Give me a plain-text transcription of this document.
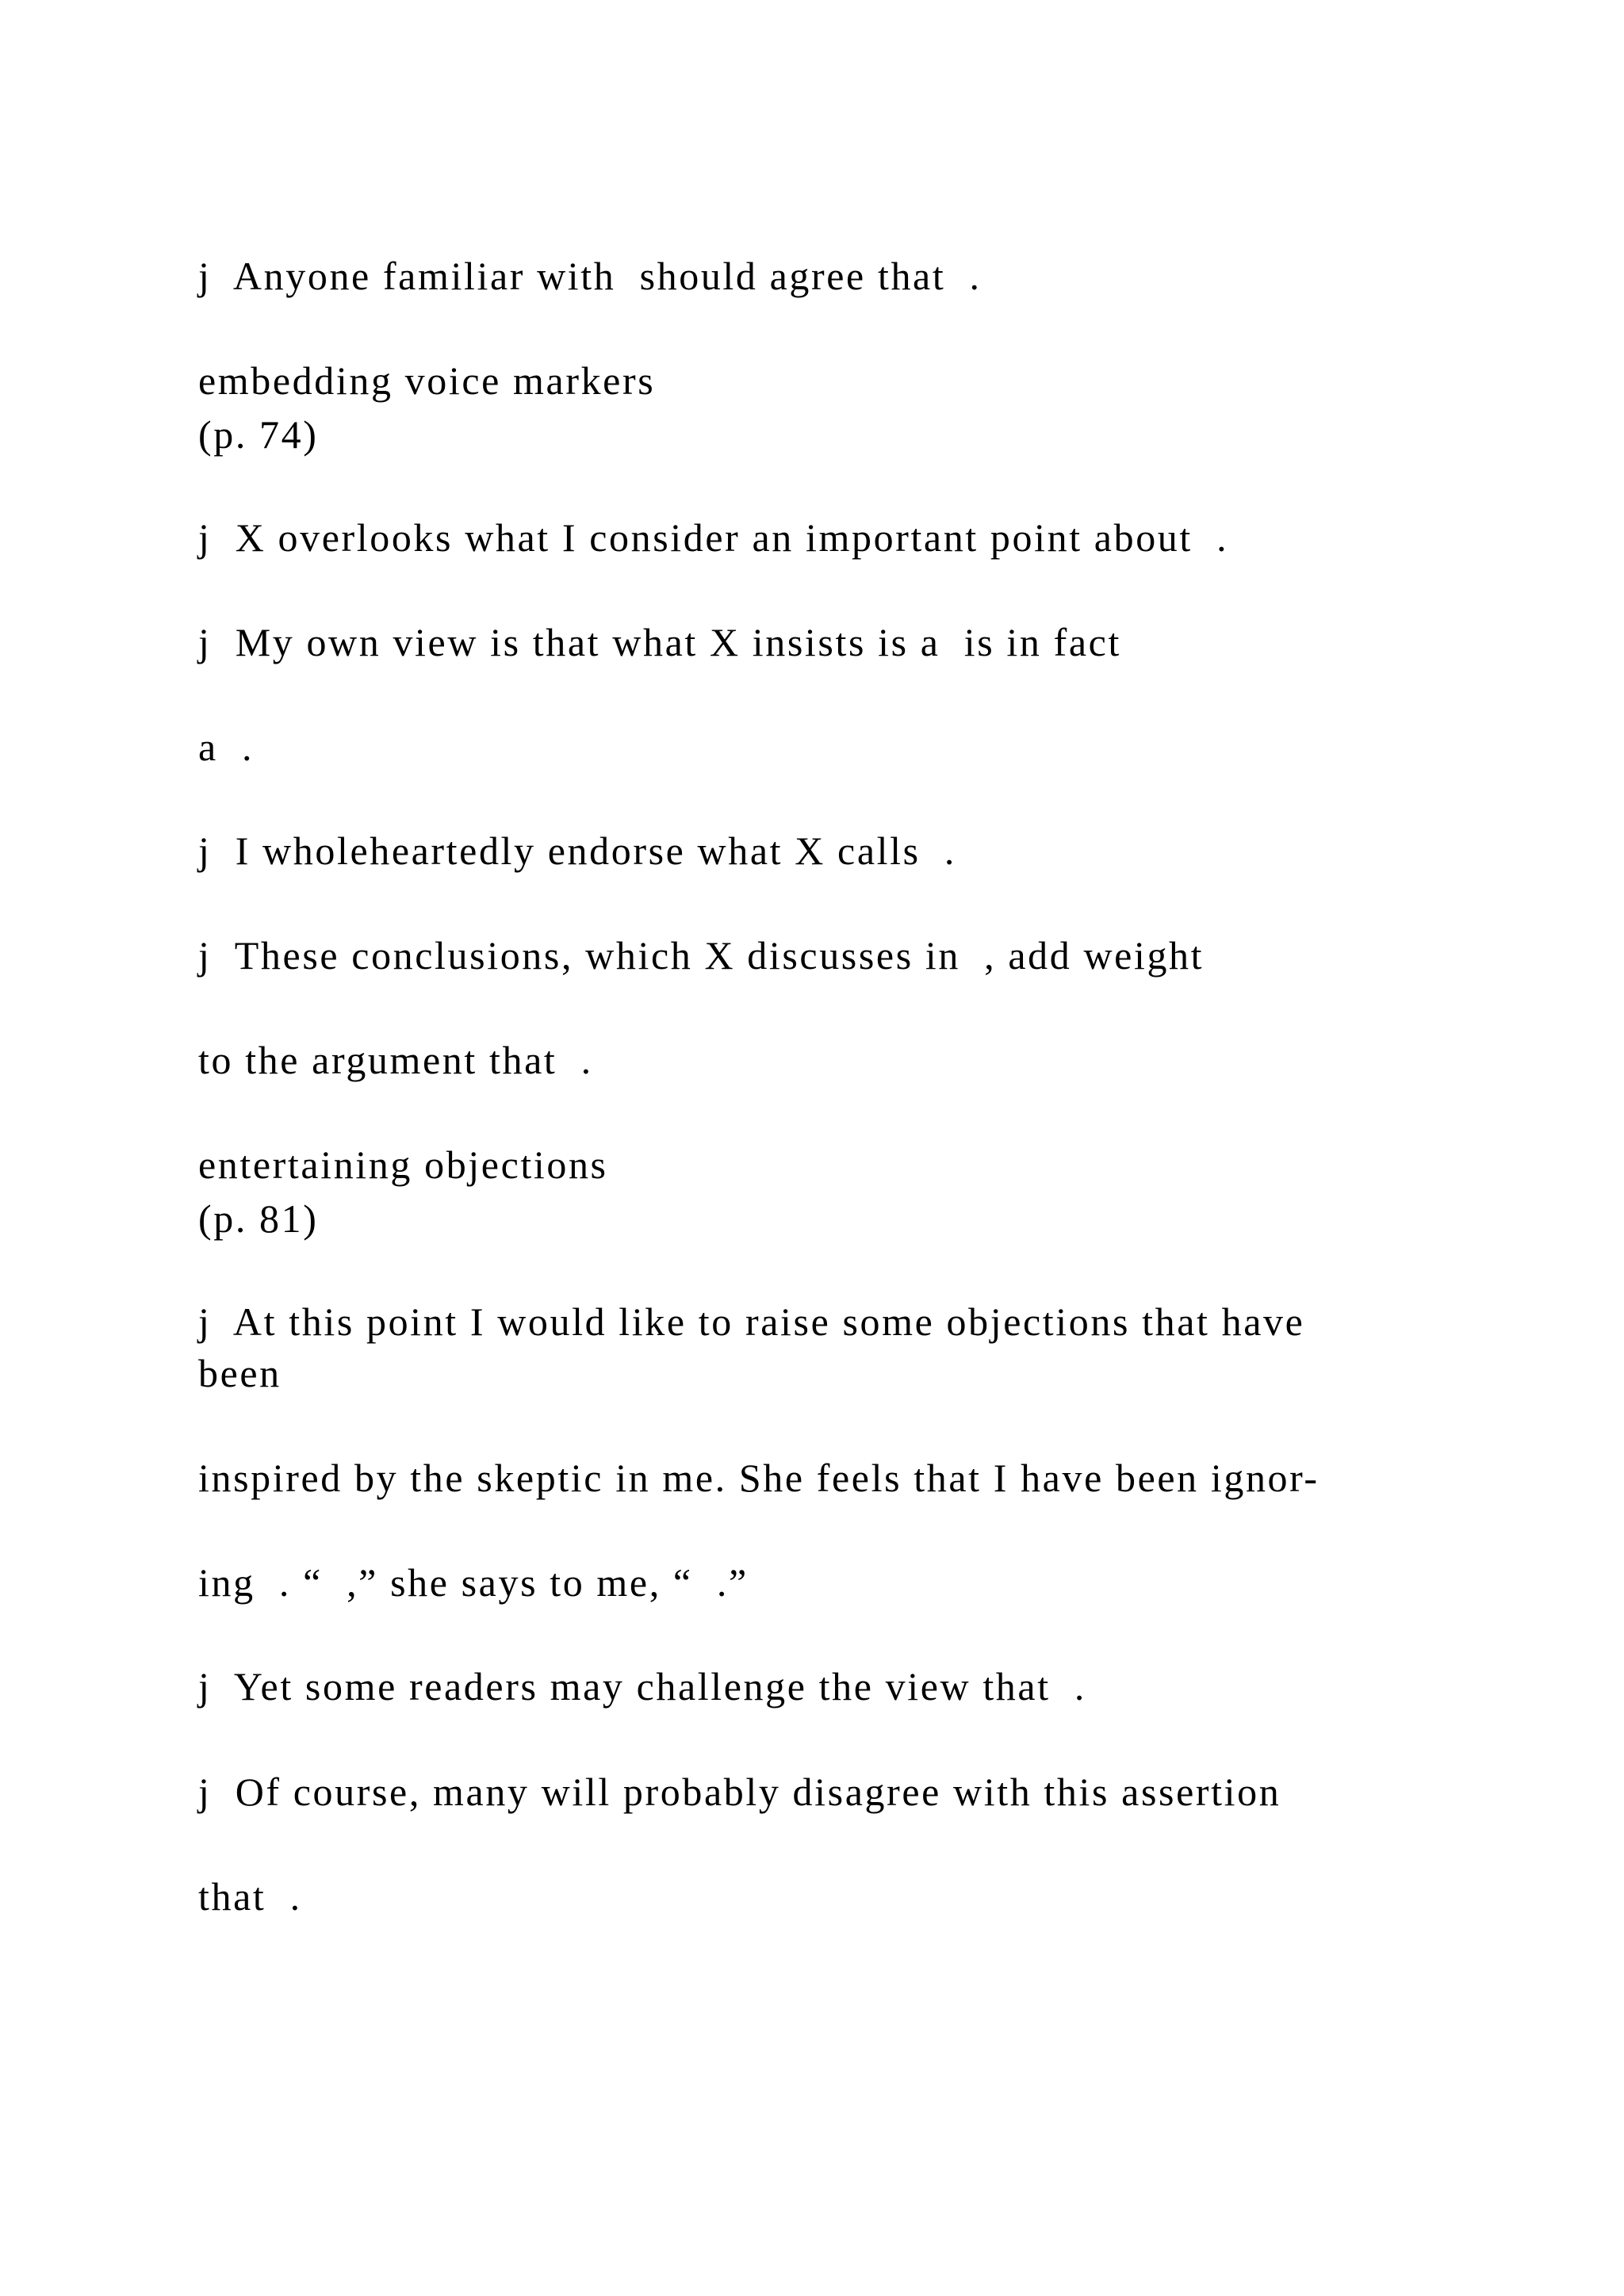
j  Anyone familiar with  should agree that  .

embedding voice markers

(p. 74)

j  X overlooks what I consider an important point about  .

j  My own view is that what X insists is a  is in fact

a  .

j  I wholeheartedly endorse what X calls  .

j  These conclusions, which X discusses in  , add weight

to the argument that  .

entertaining objections

(p. 81)

j  At this point I would like to raise some objections that have

been

inspired by the skeptic in me. She feels that I have been ignor-

ing  . “  ,” she says to me, “  .”

j  Yet some readers may challenge the view that  .

j  Of course, many will probably disagree with this assertion

that  .
